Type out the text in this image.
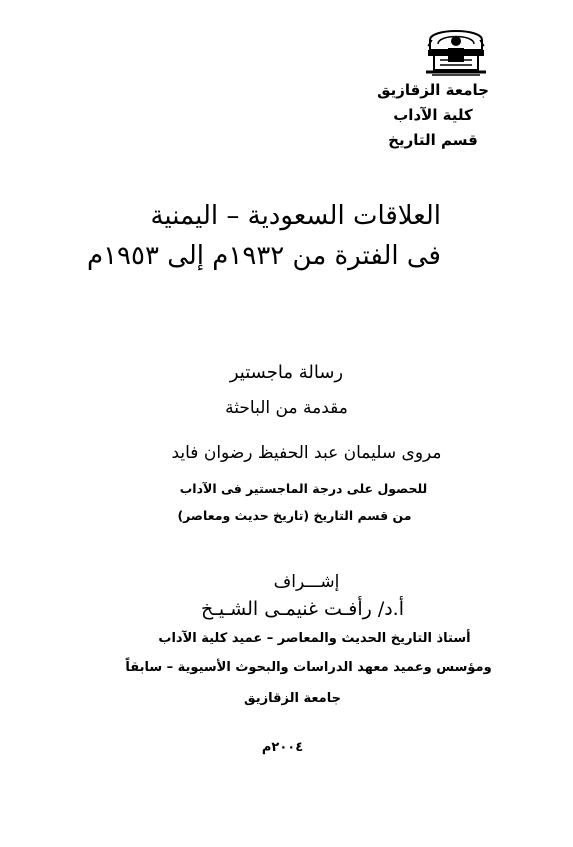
جامعة الزقازيق
كلية الآداب
قسم التاريخ
العلاقات السعودية – اليمنية
فى الفترة من ١٩٣٢م إلى ١٩٥٣م
رسالة ماجستير
مقدمة من الباحثة
مروى سليمان عبد الحفيظ رضوان فايد
للحصول على درجة الماجستير فى الآداب
من قسم التاريخ (تاريخ حديث ومعاصر)
إشـــراف
أ.د/ رأفـت غنيمـى الشـيـخ
أستاذ التاريخ الحديث والمعاصر – عميد كلية الآداب
ومؤسس وعميد معهد الدراسات والبحوث الأسيوية – سابقاً
جامعة الزقازيق
٢٠٠٤م
